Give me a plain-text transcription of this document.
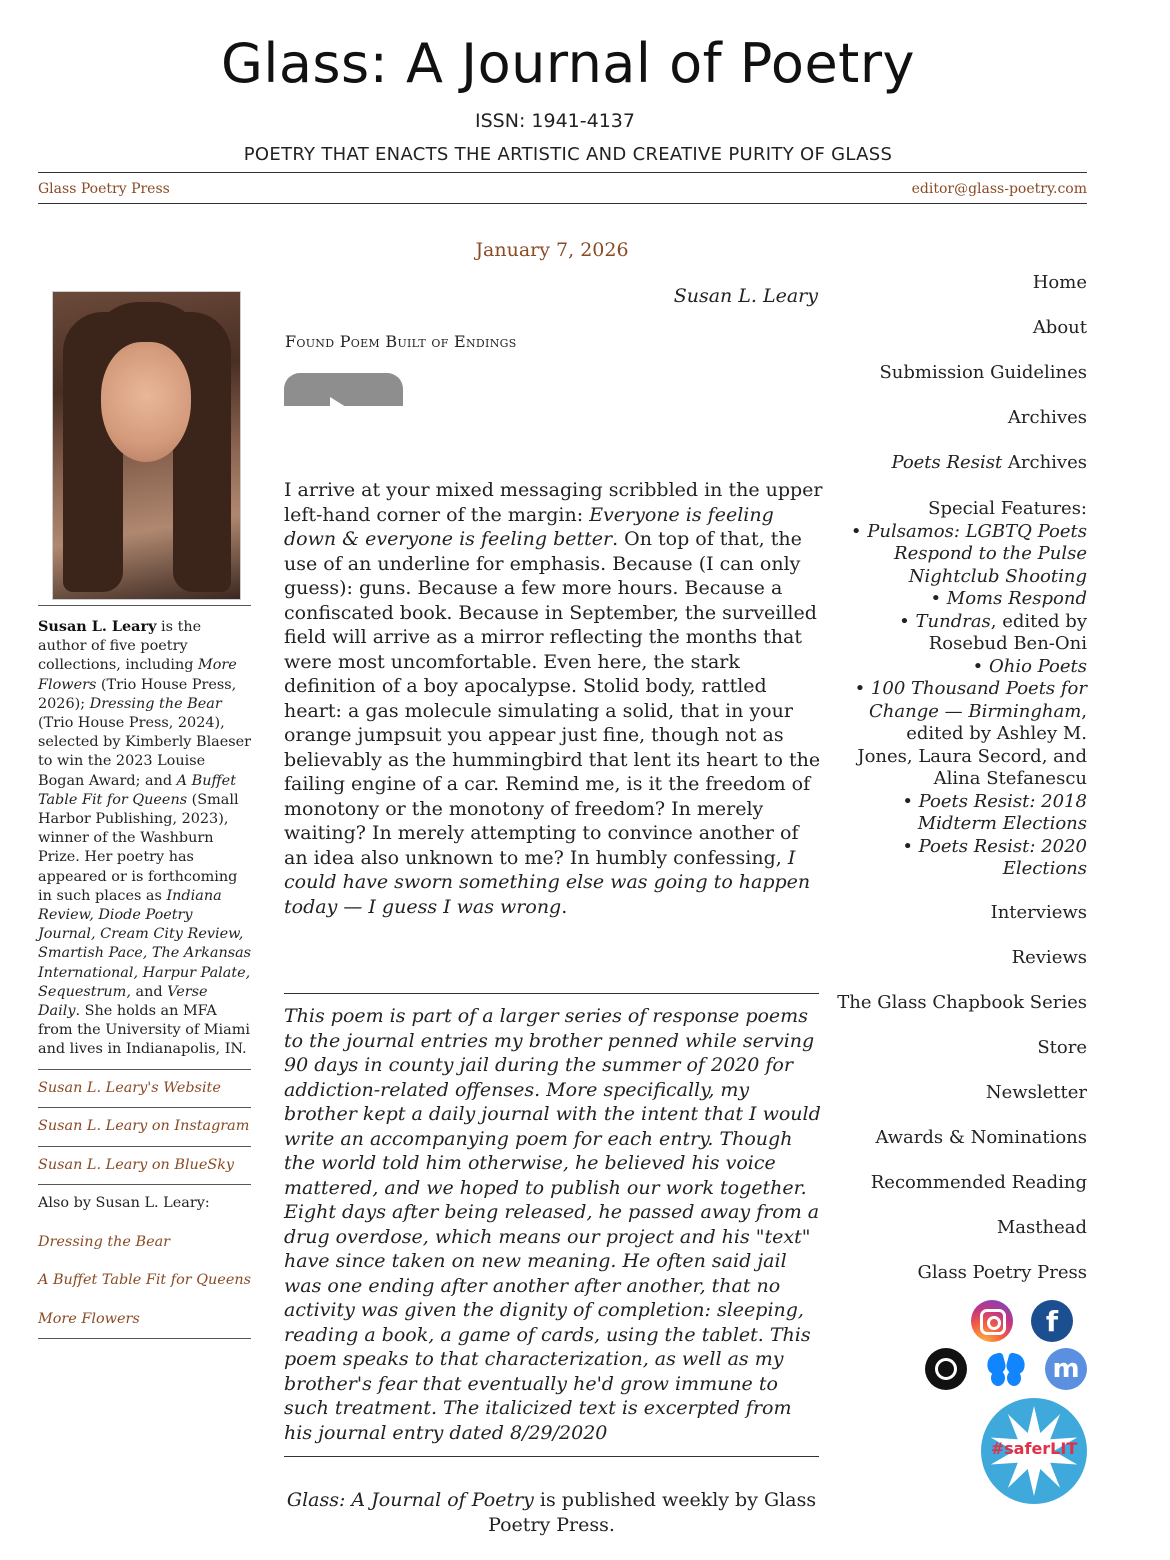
Glass: A Journal of Poetry
ISSN: 1941-4137
POETRY THAT ENACTS THE ARTISTIC AND CREATIVE PURITY OF GLASS
Glass Poetry Press	editor@glass-poetry.com
January 7, 2026
Susan L. Leary is the author of five poetry collections, including More Flowers (Trio House Press, 2026); Dressing the Bear (Trio House Press, 2024), selected by Kimberly Blaeser to win the 2023 Louise Bogan Award; and A Buffet Table Fit for Queens (Small Harbor Publishing, 2023), winner of the Washburn Prize. Her poetry has appeared or is forthcoming in such places as Indiana Review, Diode Poetry Journal, Cream City Review, Smartish Pace, The Arkansas International, Harpur Palate, Sequestrum, and Verse Daily. She holds an MFA from the University of Miami and lives in Indianapolis, IN.
Susan L. Leary's Website
Susan L. Leary on Instagram
Susan L. Leary on BlueSky
Also by Susan L. Leary:
Dressing the Bear
A Buffet Table Fit for Queens
More Flowers
Susan L. Leary
Found Poem Built of Endings
I arrive at your mixed messaging scribbled in the upper left-hand corner of the margin: Everyone is feeling down & everyone is feeling better. On top of that, the use of an underline for emphasis. Because (I can only guess): guns. Because a few more hours. Because a confiscated book. Because in September, the surveilled field will arrive as a mirror reflecting the months that were most uncomfortable. Even here, the stark definition of a boy apocalypse. Stolid body, rattled heart: a gas molecule simulating a solid, that in your orange jumpsuit you appear just fine, though not as believably as the hummingbird that lent its heart to the failing engine of a car. Remind me, is it the freedom of monotony or the monotony of freedom? In merely waiting? In merely attempting to convince another of an idea also unknown to me? In humbly confessing, I could have sworn something else was going to happen today — I guess I was wrong.
This poem is part of a larger series of response poems to the journal entries my brother penned while serving 90 days in county jail during the summer of 2020 for addiction-related offenses. More specifically, my brother kept a daily journal with the intent that I would write an accompanying poem for each entry. Though the world told him otherwise, he believed his voice mattered, and we hoped to publish our work together. Eight days after being released, he passed away from a drug overdose, which means our project and his "text" have since taken on new meaning. He often said jail was one ending after another after another, that no activity was given the dignity of completion: sleeping, reading a book, a game of cards, using the tablet. This poem speaks to that characterization, as well as my brother's fear that eventually he'd grow immune to such treatment. The italicized text is excerpted from his journal entry dated 8/29/2020
Glass: A Journal of Poetry is published weekly by Glass Poetry Press.
Home
About
Submission Guidelines
Archives
Poets Resist Archives
Special Features:
• Pulsamos: LGBTQ Poets Respond to the Pulse Nightclub Shooting
• Moms Respond
• Tundras, edited by Rosebud Ben-Oni
• Ohio Poets
• 100 Thousand Poets for Change — Birmingham, edited by Ashley M. Jones, Laura Secord, and Alina Stefanescu
• Poets Resist: 2018 Midterm Elections
• Poets Resist: 2020 Elections
Interviews
Reviews
The Glass Chapbook Series
Store
Newsletter
Awards & Nominations
Recommended Reading
Masthead
Glass Poetry Press
f
m
#saferLIT
